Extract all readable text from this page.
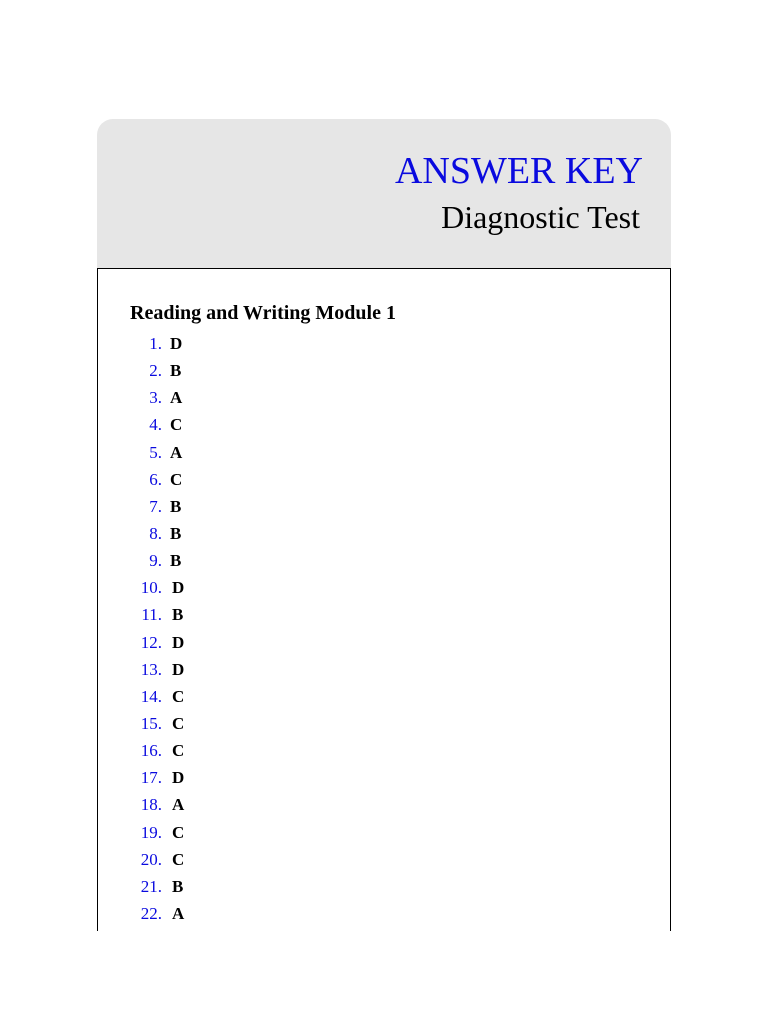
ANSWER KEY
Diagnostic Test
Reading and Writing Module 1
1. D
2. B
3. A
4. C
5. A
6. C
7. B
8. B
9. B
10. D
11. B
12. D
13. D
14. C
15. C
16. C
17. D
18. A
19. C
20. C
21. B
22. A
